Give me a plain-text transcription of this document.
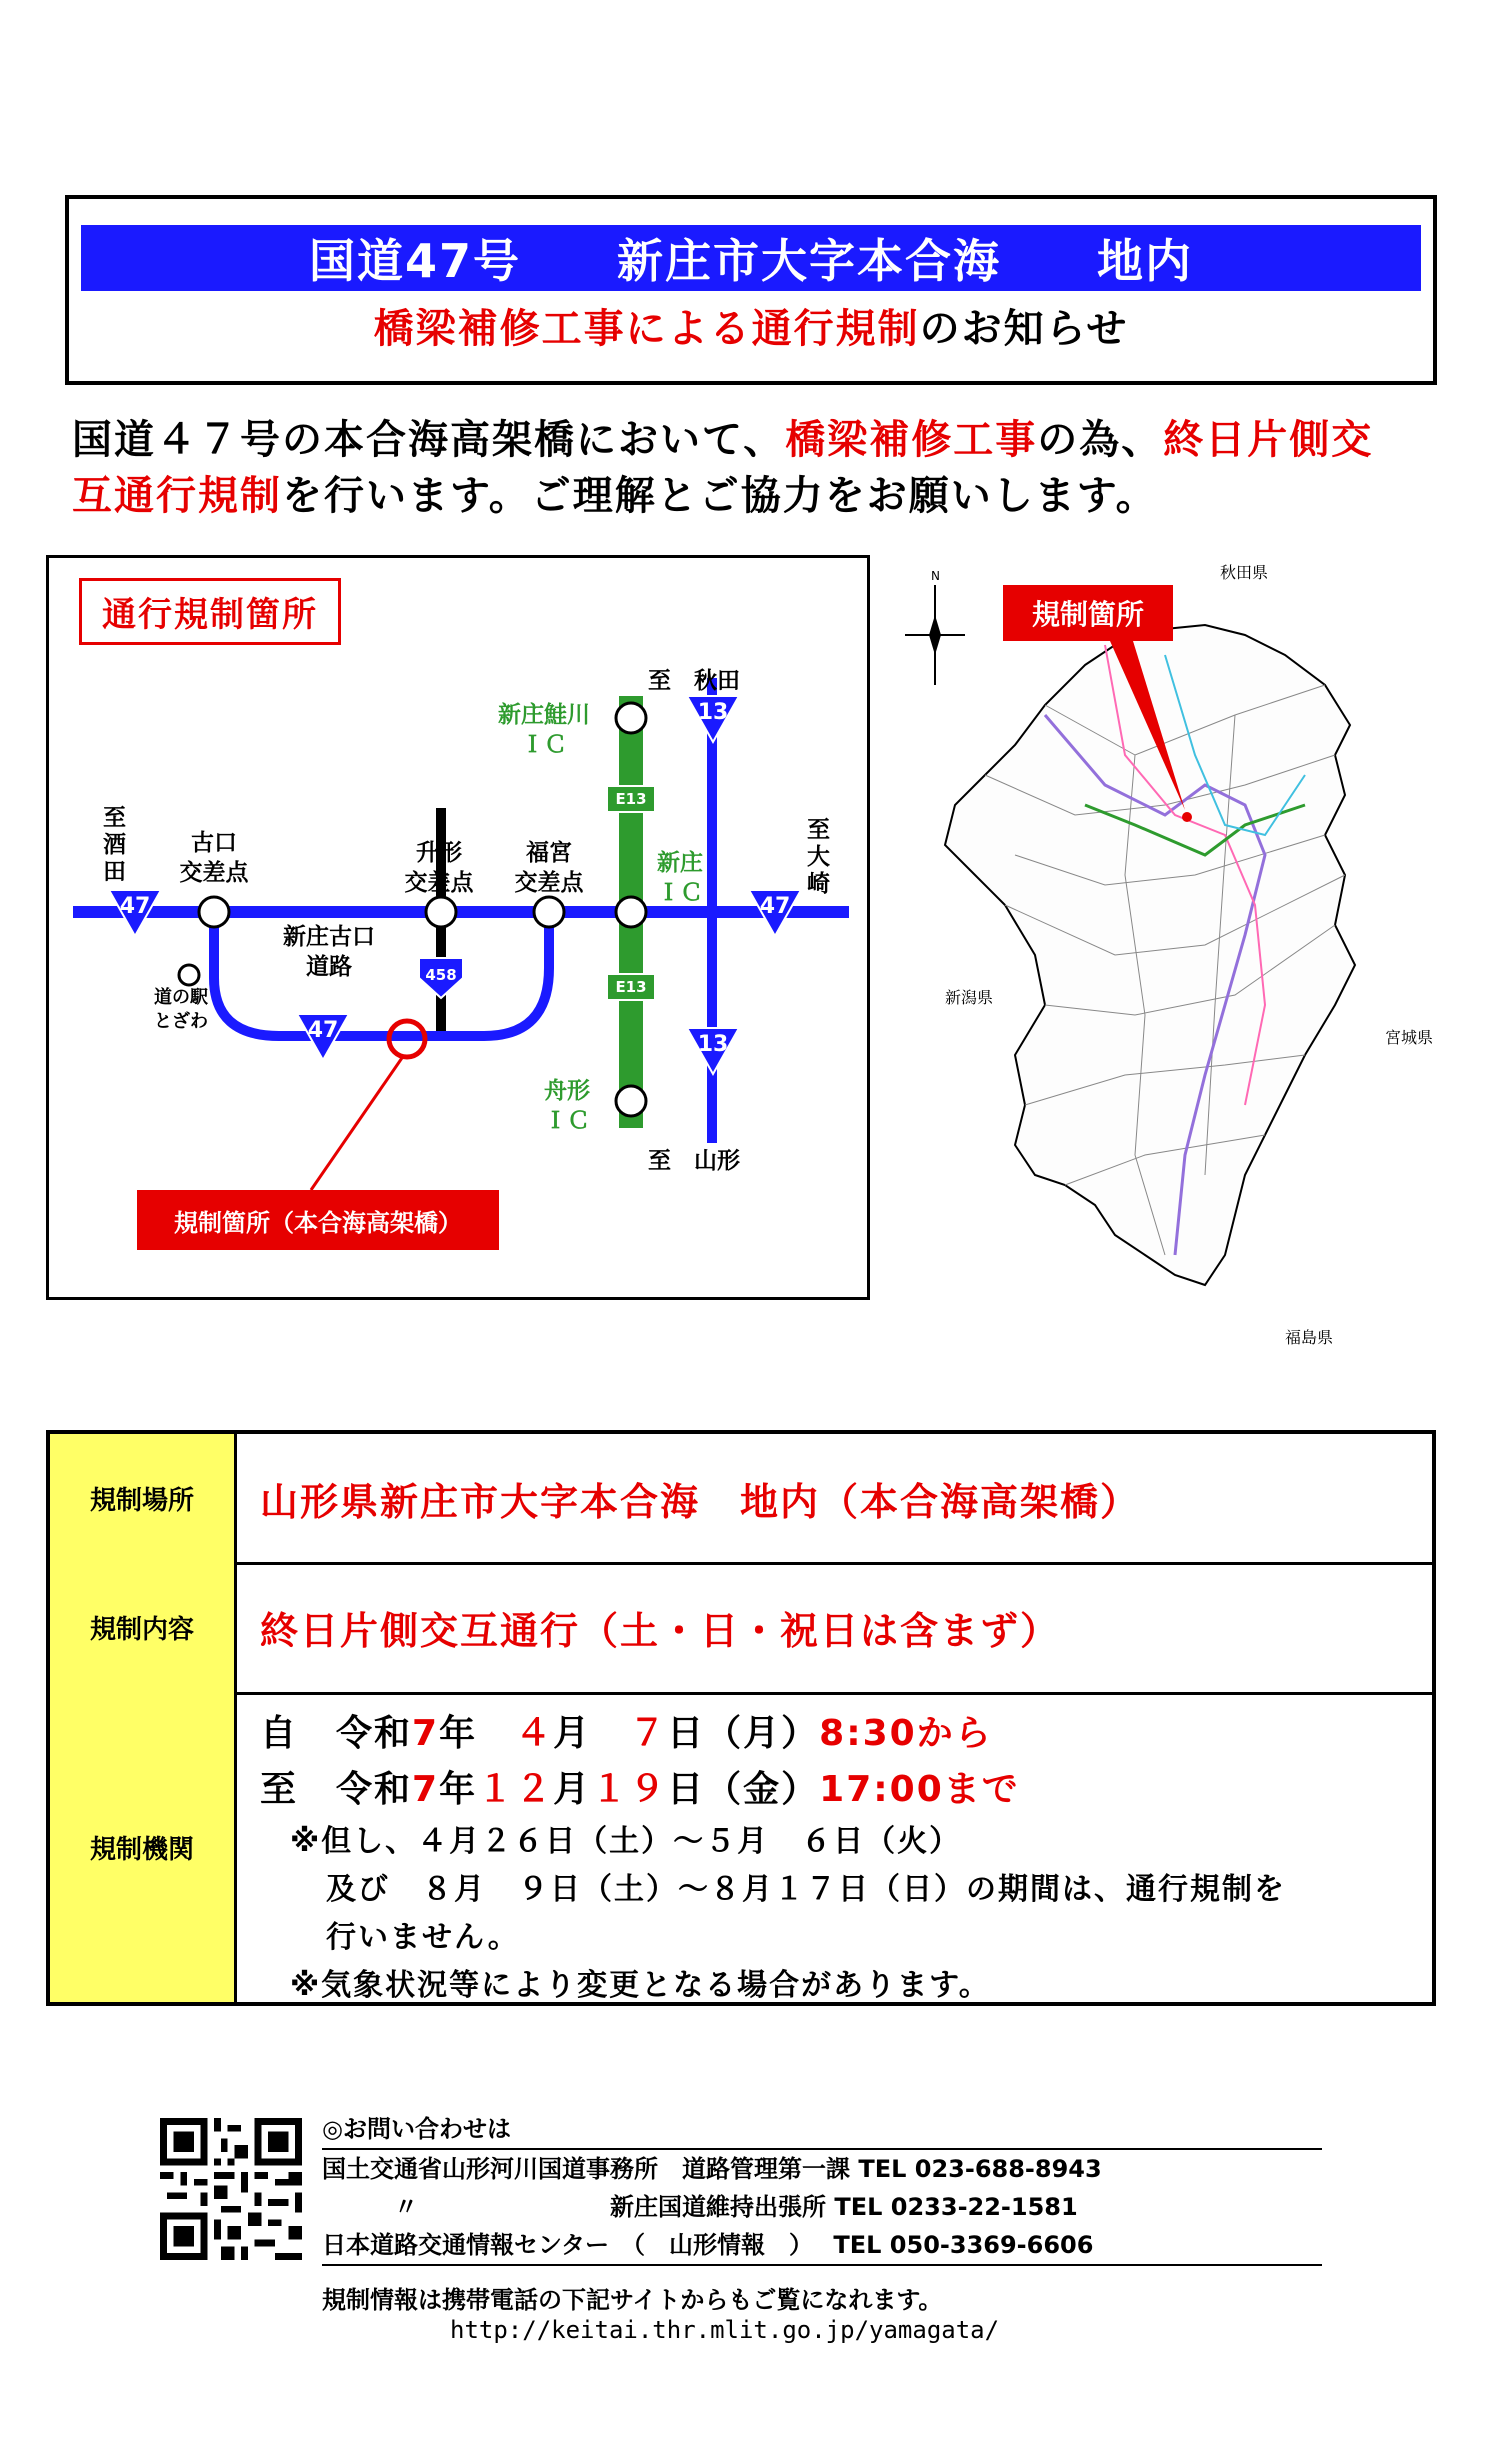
国道47号
　　 新庄市大字本合海
　　 地内
橋梁補修工事による通行規制のお知らせ
国道４７号の本合海高架橋において、橋梁補修工事の為、終日片側交互通行規制を行います。ご理解とご協力をお願いします。
通行規制箇所
E13
E13
13
13
47	47
47
458
至　秋田
至　山形
至酒田	至大崎
古口
交差点
升形
交差点
福宮
交差点
新庄鮭川
ＩＣ
新庄
ＩＣ
舟形
ＩＣ
新庄古口
道路
道の駅
とざわ
規制箇所（本合海高架橋）
N
規制箇所
秋田県
新潟県
宮城県
福島県
規制場所	山形県新庄市大字本合海　地内（本合海高架橋）
規制内容	終日片側交互通行（土・日・祝日は含まず）
規制機関
自　令和7年　４月　７日（月）8:30から
至　令和7年１２月１９日（金）17:00まで
※但し、４月２６日（土）～５月　６日（火）
及び　８月　９日（土）～８月１７日（日）の期間は、通行規制を
行いません。
※気象状況等により変更となる場合があります。
◎お問い合わせは
国土交通省山形河川国道事務所　道路管理第一課 TEL 023-688-8943
　　　〃　　　　　　　　新庄国道維持出張所 TEL 0233-22-1581
日本道路交通情報センター　（　山形情報　）　 TEL 050-3369-6606
規制情報は携帯電話の下記サイトからもご覧になれます。
http://keitai.thr.mlit.go.jp/yamagata/
